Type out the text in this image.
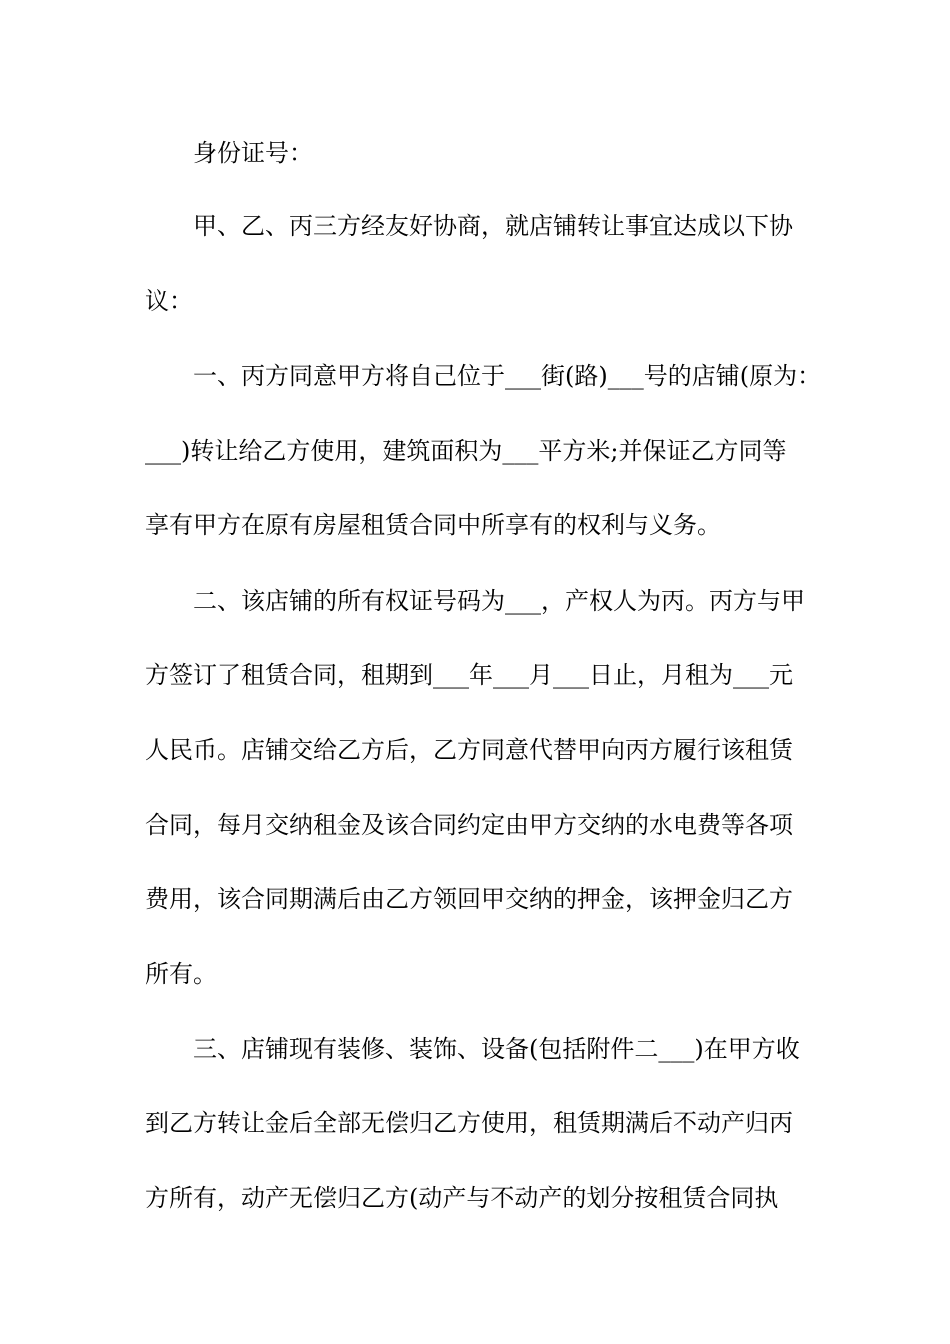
身份证号：
甲、乙、丙三方经友好协商，就店铺转让事宜达成以下协
议：
一、丙方同意甲方将自己位于___街(路)___号的店铺(原为：
___)转让给乙方使用，建筑面积为___平方米;并保证乙方同等
享有甲方在原有房屋租赁合同中所享有的权利与义务。
二、该店铺的所有权证号码为___，产权人为丙。丙方与甲
方签订了租赁合同，租期到___年___月___日止，月租为___元
人民币。店铺交给乙方后，乙方同意代替甲向丙方履行该租赁
合同，每月交纳租金及该合同约定由甲方交纳的水电费等各项
费用，该合同期满后由乙方领回甲交纳的押金，该押金归乙方
所有。
三、店铺现有装修、装饰、设备(包括附件二___)在甲方收
到乙方转让金后全部无偿归乙方使用，租赁期满后不动产归丙
方所有，动产无偿归乙方(动产与不动产的划分按租赁合同执
